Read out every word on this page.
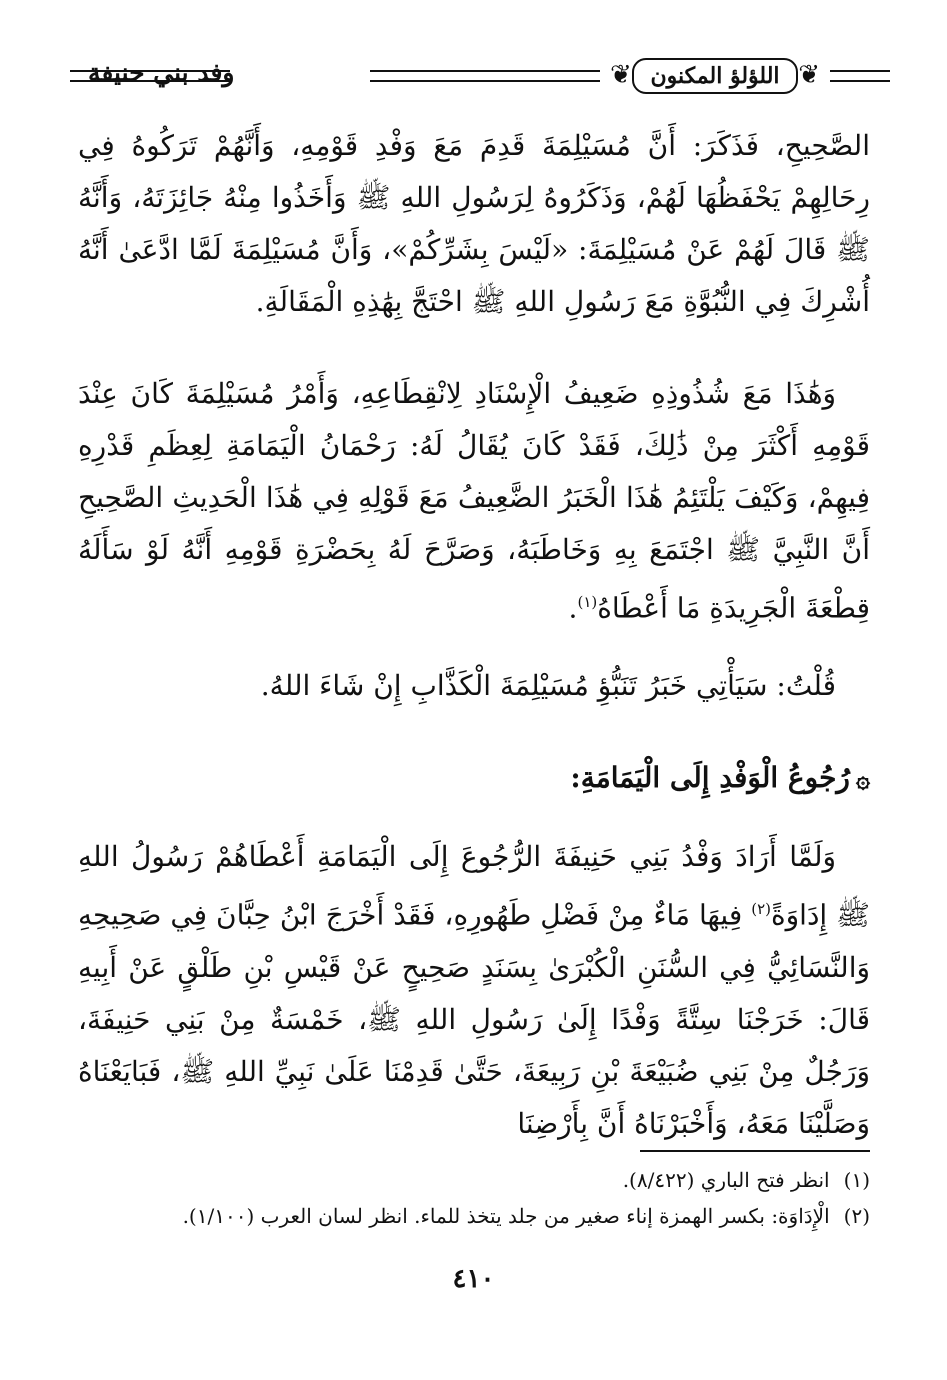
وفد بني حنيفة	❦ اللؤلؤ المكنون ❦

الصَّحِيحِ، فَذَكَرَ: أَنَّ مُسَيْلِمَةَ قَدِمَ مَعَ وَفْدِ قَوْمِهِ، وَأَنَّهُمْ تَرَكُوهُ فِي رِحَالِهِمْ يَحْفَظُهَا لَهُمْ، وَذَكَرُوهُ لِرَسُولِ اللهِ ﷺ وَأَخَذُوا مِنْهُ جَائِزَتَهُ، وَأَنَّهُ ﷺ قَالَ لَهُمْ عَنْ مُسَيْلِمَةَ: «لَيْسَ بِشَرِّكُمْ»، وَأَنَّ مُسَيْلِمَةَ لَمَّا ادَّعَىٰ أَنَّهُ أُشْرِكَ فِي النُّبُوَّةِ مَعَ رَسُولِ اللهِ ﷺ احْتَجَّ بِهَٰذِهِ الْمَقَالَةِ.

وَهَٰذَا مَعَ شُذُوذِهِ ضَعِيفُ الْإِسْنَادِ لِانْقِطَاعِهِ، وَأَمْرُ مُسَيْلِمَةَ كَانَ عِنْدَ قَوْمِهِ أَكْثَرَ مِنْ ذَٰلِكَ، فَقَدْ كَانَ يُقَالُ لَهُ: رَحْمَانُ الْيَمَامَةِ لِعِظَمِ قَدْرِهِ فِيهِمْ، وَكَيْفَ يَلْتَئِمُ هَٰذَا الْخَبَرُ الضَّعِيفُ مَعَ قَوْلِهِ فِي هَٰذَا الْحَدِيثِ الصَّحِيحِ أَنَّ النَّبِيَّ ﷺ اجْتَمَعَ بِهِ وَخَاطَبَهُ، وَصَرَّحَ لَهُ بِحَضْرَةِ قَوْمِهِ أَنَّهُ لَوْ سَأَلَهُ قِطْعَةَ الْجَرِيدَةِ مَا أَعْطَاهُ$^{(١)}$.

قُلْتُ: سَيَأْتِي خَبَرُ تَنَبُّؤِ مُسَيْلِمَةَ الْكَذَّابِ إِنْ شَاءَ اللهُ.

۞رُجُوعُ الْوَفْدِ إِلَى الْيَمَامَةِ:

وَلَمَّا أَرَادَ وَفْدُ بَنِي حَنِيفَةَ الرُّجُوعَ إِلَى الْيَمَامَةِ أَعْطَاهُمْ رَسُولُ اللهِ ﷺ إِدَاوَةً$^{(٢)}$ فِيهَا مَاءٌ مِنْ فَضْلِ طَهُورِهِ، فَقَدْ أَخْرَجَ ابْنُ حِبَّانَ فِي صَحِيحِهِ وَالنَّسَائِيُّ فِي السُّنَنِ الْكُبْرَىٰ بِسَنَدٍ صَحِيحٍ عَنْ قَيْسِ بْنِ طَلْقٍ عَنْ أَبِيهِ قَالَ: خَرَجْنَا سِتَّةً وَفْدًا إِلَىٰ رَسُولِ اللهِ ﷺ، خَمْسَةٌ مِنْ بَنِي حَنِيفَةَ، وَرَجُلٌ مِنْ بَنِي ضُبَيْعَةَ بْنِ رَبِيعَةَ، حَتَّىٰ قَدِمْنَا عَلَىٰ نَبِيِّ اللهِ ﷺ، فَبَايَعْنَاهُ وَصَلَّيْنَا مَعَهُ، وَأَخْبَرْنَاهُ أَنَّ بِأَرْضِنَا

(١)انظر فتح الباري (٨/٤٢٢).

(٢)الْإِدَاوَة: بكسر الهمزة إناء صغير من جلد يتخذ للماء. انظر لسان العرب (١/١٠٠).

٤١٠
